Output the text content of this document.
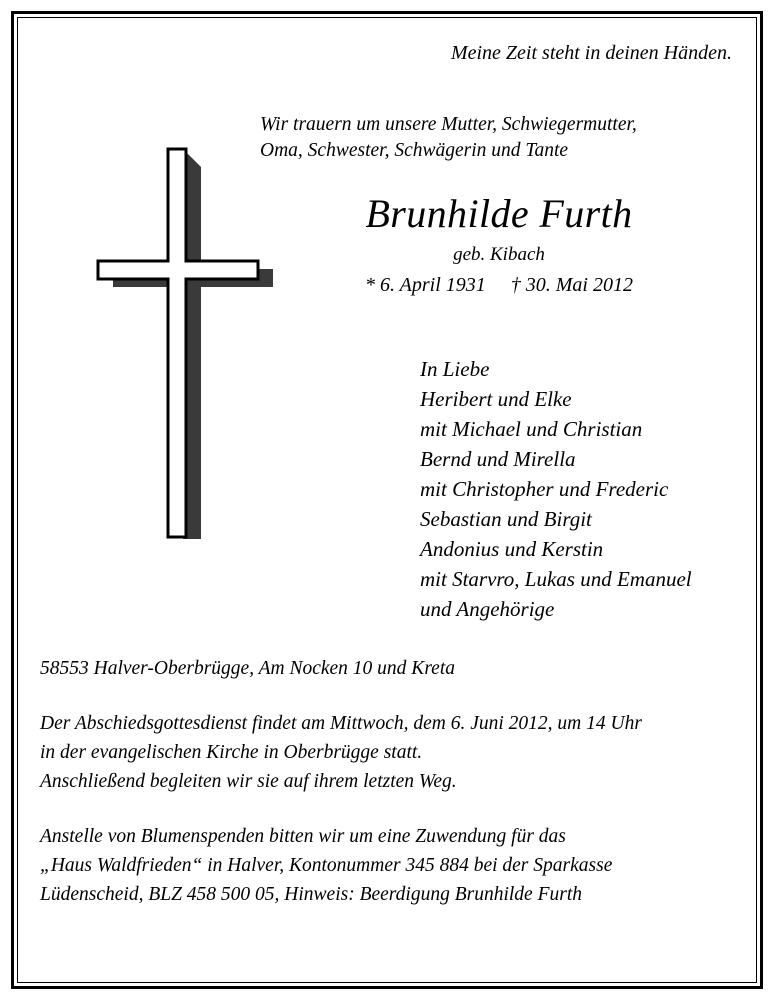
Meine Zeit steht in deinen Händen.
Wir trauern um unsere Mutter, Schwiegermutter,
Oma, Schwester, Schwägerin und Tante
Brunhilde Furth
geb. Kibach
* 6. April 1931     † 30. Mai 2012
In Liebe
Heribert und Elke
mit Michael und Christian
Bernd und Mirella
mit Christopher und Frederic
Sebastian und Birgit
Andonius und Kerstin
mit Starvro, Lukas und Emanuel
und Angehörige
58553 Halver-Oberbrügge, Am Nocken 10 und Kreta
Der Abschiedsgottesdienst findet am Mittwoch, dem 6. Juni 2012, um 14 Uhr
in der evangelischen Kirche in Oberbrügge statt.
Anschließend begleiten wir sie auf ihrem letzten Weg.
Anstelle von Blumenspenden bitten wir um eine Zuwendung für das
„Haus Waldfrieden“ in Halver, Kontonummer 345 884 bei der Sparkasse
Lüdenscheid, BLZ 458 500 05, Hinweis: Beerdigung Brunhilde Furth
